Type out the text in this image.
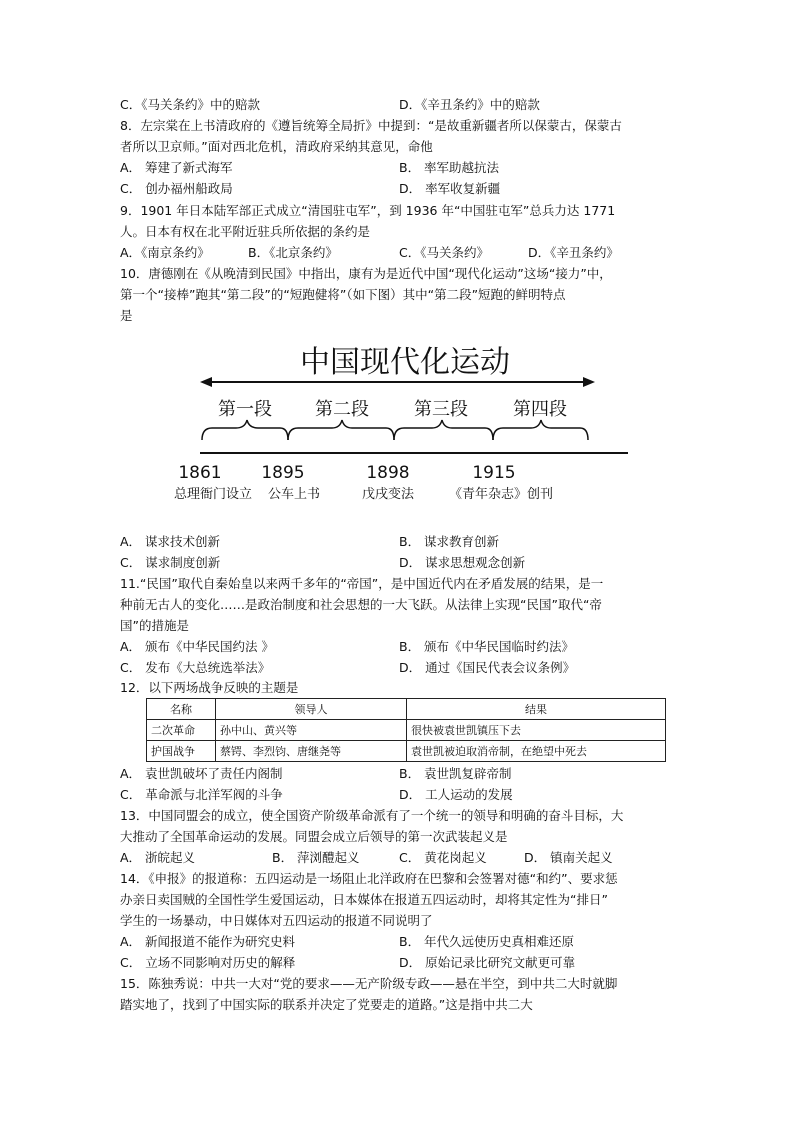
C．《马关条约》中的赔款	D．《辛丑条约》中的赔款
8．左宗棠在上书清政府的《遵旨统筹全局折》中提到：“是故重新疆者所以保蒙古，保蒙古
者所以卫京师。”面对西北危机，清政府采纳其意见，命他
A． 筹建了新式海军	B． 率军助越抗法
C． 创办福州船政局	D． 率军收复新疆
9．1901 年日本陆军部正式成立“清国驻屯军”，到 1936 年“中国驻屯军”总兵力达 1771
人。日本有权在北平附近驻兵所依据的条约是
A．《南京条约》	B．《北京条约》	C．《马关条约》	D．《辛丑条约》
10．唐德刚在《从晚清到民国》中指出，康有为是近代中国“现代化运动”这场“接力”中，
第一个“接棒”跑其“第二段”的“短跑健将”（如下图）其中“第二段”短跑的鲜明特点
是
中国现代化运动
第一段 第二段	第三段	第四段
1861 1895	1898	1915
总理衙门设立 公车上书	戊戌变法	《青年杂志》创刊
A． 谋求技术创新	B． 谋求教育创新
C． 谋求制度创新	D． 谋求思想观念创新
11.“民国”取代自秦始皇以来两千多年的“帝国”，是中国近代内在矛盾发展的结果，是一
种前无古人的变化……是政治制度和社会思想的一大飞跃。从法律上实现“民国”取代“帝
国”的措施是
A． 颁布《中华民国约法 》	B． 颁布《中华民国临时约法》
C． 发布《大总统选举法》	D． 通过《国民代表会议条例》
12．以下两场战争反映的主题是
名称	领导人	结果
二次革命	孙中山、黄兴等	很快被袁世凯镇压下去
护国战争	蔡锷、李烈钧、唐继尧等	袁世凯被迫取消帝制，在绝望中死去
A． 袁世凯破坏了责任内阁制	B． 袁世凯复辟帝制
C． 革命派与北洋军阀的斗争	D． 工人运动的发展
13．中国同盟会的成立，使全国资产阶级革命派有了一个统一的领导和明确的奋斗目标，大
大推动了全国革命运动的发展。同盟会成立后领导的第一次武装起义是
A． 浙皖起义	B． 萍浏醴起义	C． 黄花岗起义	D． 镇南关起义
14．《申报》的报道称：五四运动是一场阻止北洋政府在巴黎和会签署对德“和约”、要求惩
办亲日卖国贼的全国性学生爱国运动，日本媒体在报道五四运动时，却将其定性为“排日”
学生的一场暴动，中日媒体对五四运动的报道不同说明了
A． 新闻报道不能作为研究史料	B． 年代久远使历史真相难还原
C． 立场不同影响对历史的解释	D． 原始记录比研究文献更可靠
15．陈独秀说：中共一大对“党的要求——无产阶级专政——悬在半空，到中共二大时就脚
踏实地了，找到了中国实际的联系并决定了党要走的道路。”这是指中共二大
